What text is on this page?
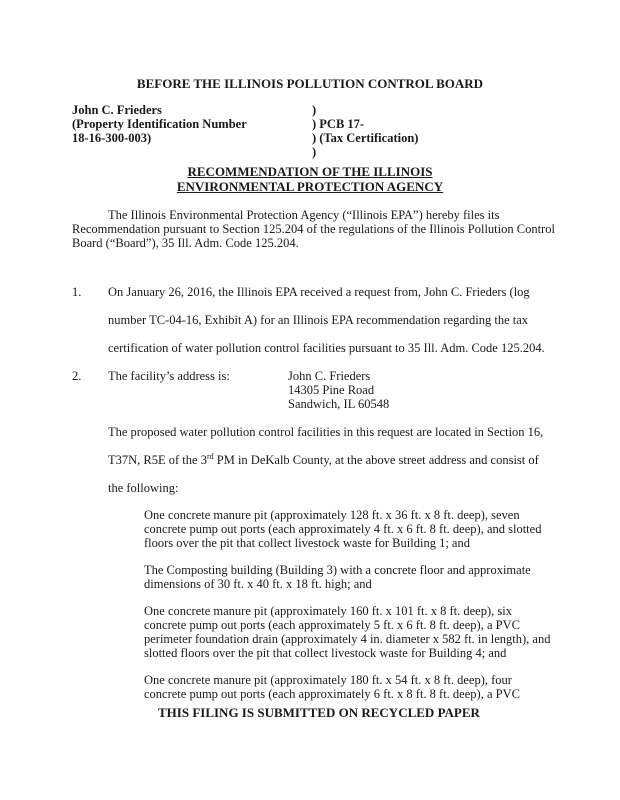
BEFORE THE ILLINOIS POLLUTION CONTROL BOARD
John C. Frieders
(Property Identification Number
18-16-300-003)
)
) PCB 17-
) (Tax Certification)
)
RECOMMENDATION OF THE ILLINOIS
ENVIRONMENTAL PROTECTION AGENCY
The Illinois Environmental Protection Agency (“Illinois EPA”) hereby files its
Recommendation pursuant to Section 125.204 of the regulations of the Illinois Pollution Control
Board (“Board”), 35 Ill. Adm. Code 125.204.
1. On January 26, 2016, the Illinois EPA received a request from, John C. Frieders (log
number TC-04-16, Exhibit A) for an Illinois EPA recommendation regarding the tax
certification of water pollution control facilities pursuant to 35 Ill. Adm. Code 125.204.
2. The facility’s address is:	John C. Frieders
14305 Pine Road
Sandwich, IL 60548
The proposed water pollution control facilities in this request are located in Section 16,
T37N, R5E of the 3rd PM in DeKalb County, at the above street address and consist of
the following:
One concrete manure pit (approximately 128 ft. x 36 ft. x 8 ft. deep), seven
concrete pump out ports (each approximately 4 ft. x 6 ft. 8 ft. deep), and slotted
floors over the pit that collect livestock waste for Building 1; and
The Composting building (Building 3) with a concrete floor and approximate
dimensions of 30 ft. x 40 ft. x 18 ft. high; and
One concrete manure pit (approximately 160 ft. x 101 ft. x 8 ft. deep), six
concrete pump out ports (each approximately 5 ft. x 6 ft. 8 ft. deep), a PVC
perimeter foundation drain (approximately 4 in. diameter x 582 ft. in length), and
slotted floors over the pit that collect livestock waste for Building 4; and
One concrete manure pit (approximately 180 ft. x 54 ft. x 8 ft. deep), four
concrete pump out ports (each approximately 6 ft. x 8 ft. 8 ft. deep), a PVC
THIS FILING IS SUBMITTED ON RECYCLED PAPER
